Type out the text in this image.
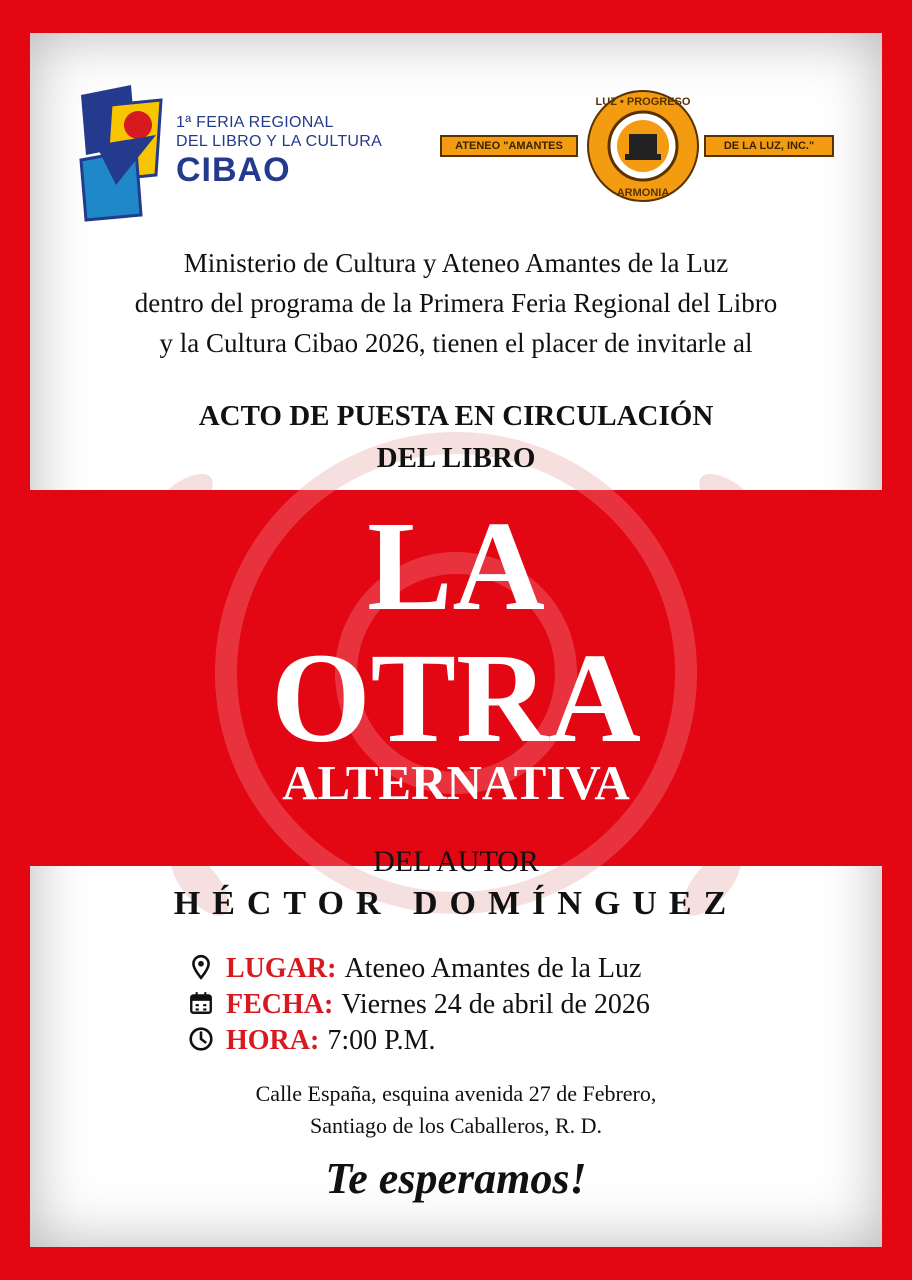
1ª FERIA REGIONAL
DEL LIBRO Y LA CULTURA
CIBAO
ATENEO "AMANTES	DE LA LUZ, INC."
LUZ • PROGRESO
ARMONIA
Ministerio de Cultura y Ateneo Amantes de la Luz
dentro del programa de la Primera Feria Regional del Libro
y la Cultura Cibao 2026, tienen el placer de invitarle al
ACTO DE PUESTA EN CIRCULACIÓN
DEL LIBRO
LA
OTRA
ALTERNATIVA
DEL AUTOR
HÉCTOR DOMÍNGUEZ
LUGAR: Ateneo Amantes de la Luz
FECHA: Viernes 24 de abril de 2026
HORA: 7:00 P.M.
Calle España, esquina avenida 27 de Febrero,
Santiago de los Caballeros, R. D.
Te esperamos!
